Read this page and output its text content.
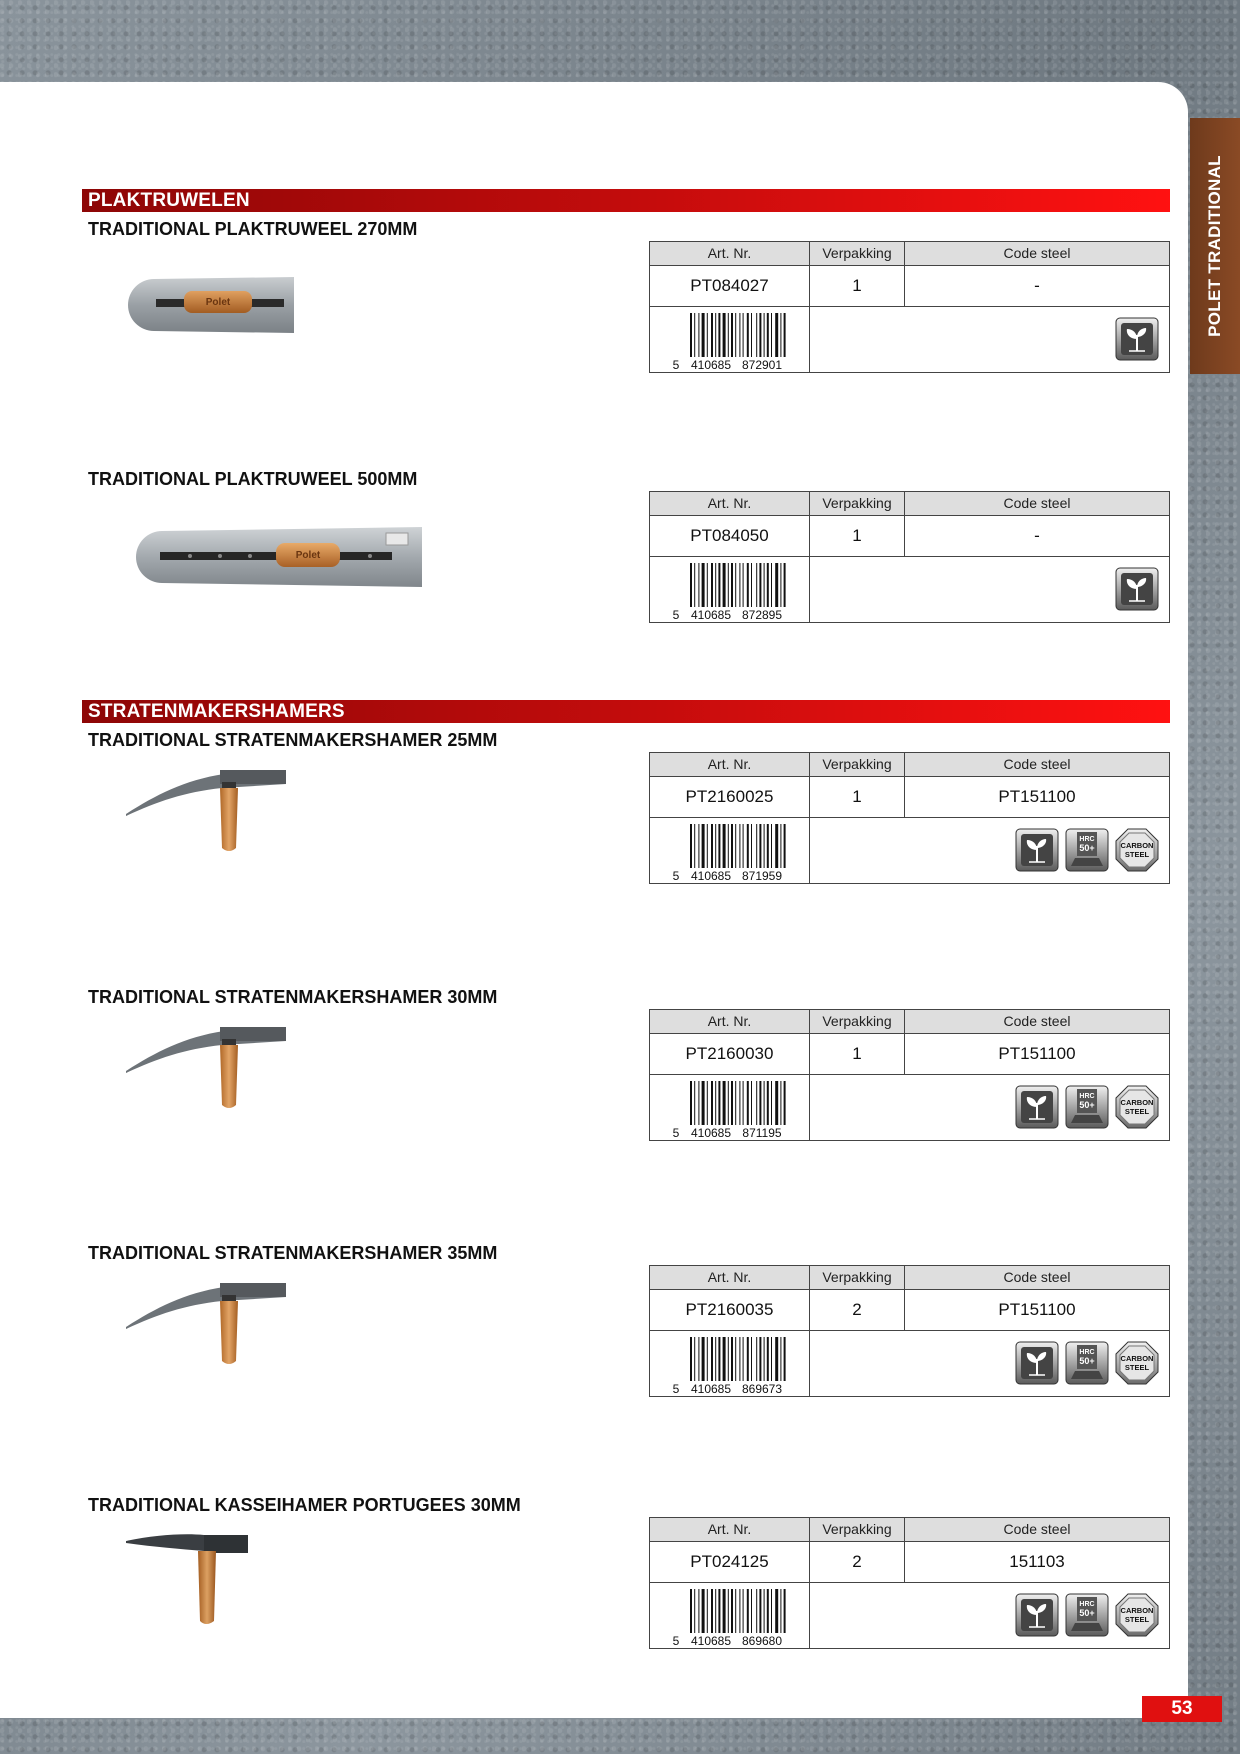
POLET TRADITIONAL
53
PLAKTRUWELEN
TRADITIONAL PLAKTRUWEEL 270MM
Polet
Art. Nr.	Verpakking	Code steel
PT084027	1	-
5 410685 872901
TRADITIONAL PLAKTRUWEEL 500MM
Polet
Art. Nr.	Verpakking	Code steel
PT084050	1	-
5 410685 872895
STRATENMAKERSHAMERS
TRADITIONAL STRATENMAKERSHAMER 25MM
Art. Nr.	Verpakking	Code steel
PT2160025	1	PT151100
5 410685 871959
HRC
50+	CARBON
STEEL
TRADITIONAL STRATENMAKERSHAMER 30MM
Art. Nr.	Verpakking	Code steel
PT2160030	1	PT151100
5 410685 871195
HRC
50+	CARBON
STEEL
TRADITIONAL STRATENMAKERSHAMER 35MM
Art. Nr.	Verpakking	Code steel
PT2160035	2	PT151100
5 410685 869673
HRC
50+	CARBON
STEEL
TRADITIONAL KASSEIHAMER PORTUGEES 30MM
Art. Nr.	Verpakking	Code steel
PT024125	2	151103
5 410685 869680
HRC
50+	CARBON
STEEL
